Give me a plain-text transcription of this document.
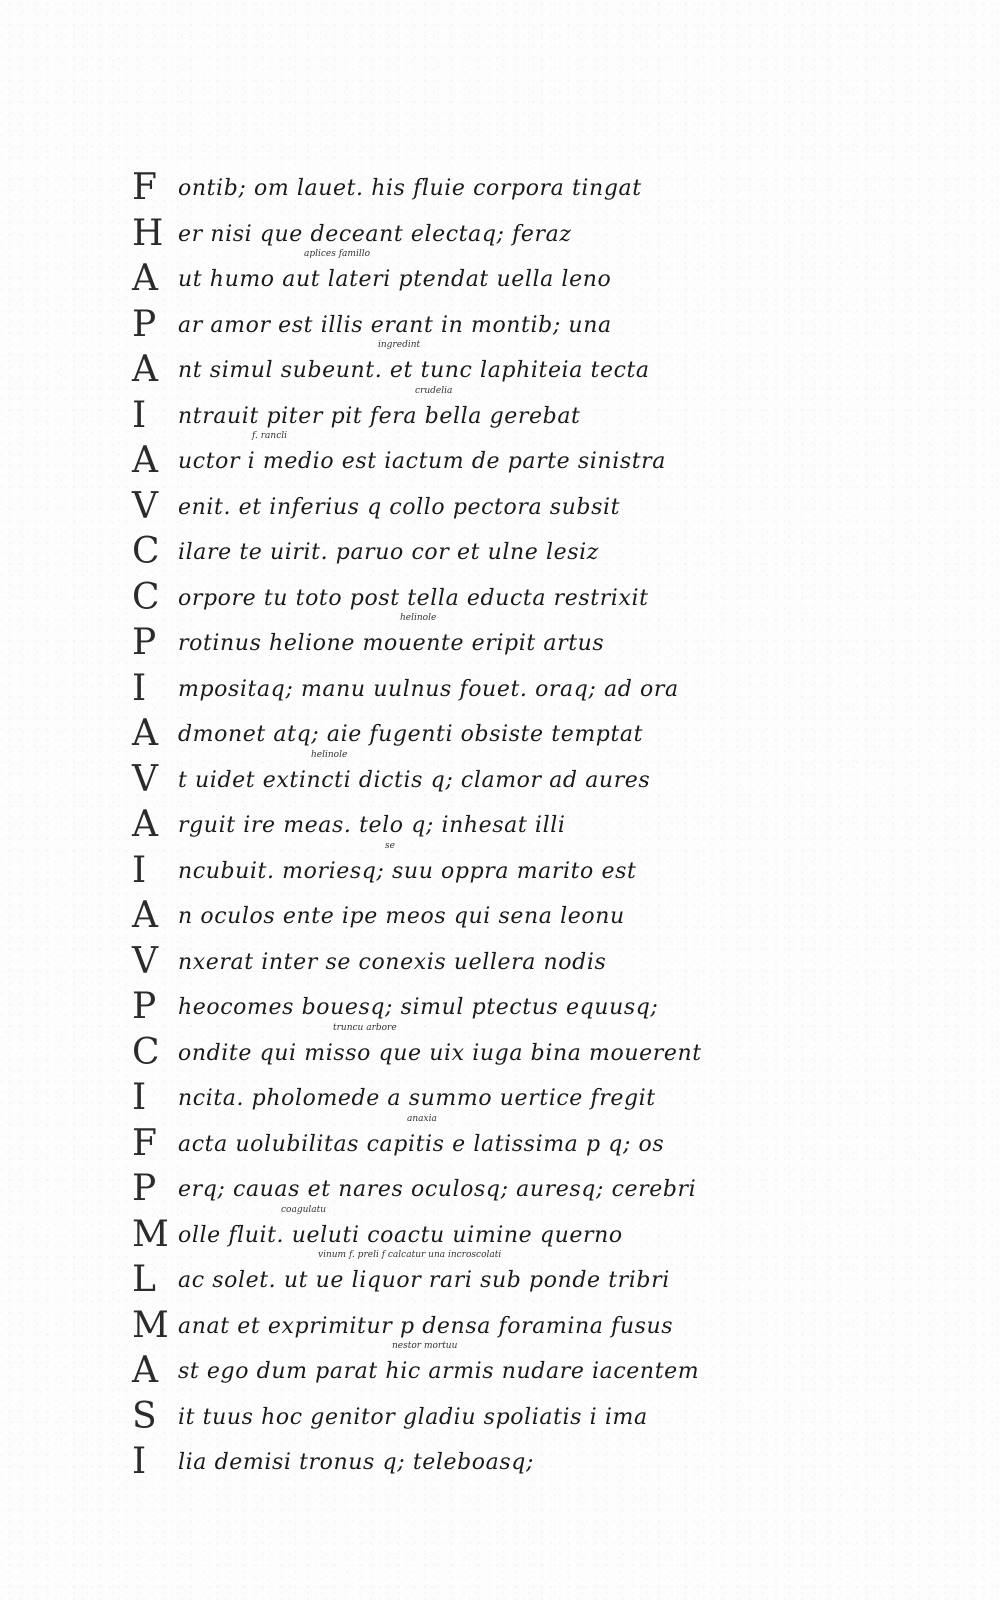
F ontib; om lauet. his fluie corpora tingat
H er nisi que deceant electaq; feraz
A ut humo aut lateri ptendat uella leno
aplices famillo
P ar amor est illis erant in montib; una
A nt simul subeunt. et tunc laphiteia tecta
ingredint
I	ntrauit piter pit fera bella gerebat
crudelia
A uctor i medio est iactum de parte sinistra
f. rancli
V enit. et inferius q collo pectora subsit
C ilare te uirit. paruo cor et ulne lesiz
C orpore tu toto post tella educta restrixit
P rotinus helione mouente eripit artus
helinole
I	mpositaq; manu uulnus fouet. oraq; ad ora
A dmonet atq; aie fugenti obsiste temptat
V t uidet extincti dictis q; clamor ad aures
helinole
A rguit ire meas. telo q; inhesat illi
I	ncubuit. moriesq; suu oppra marito est
se
A n oculos ente ipe meos qui sena leonu
V nxerat inter se conexis uellera nodis
P heocomes bouesq; simul ptectus equusq;
C ondite qui misso que uix iuga bina mouerent
truncu arbore
I	ncita. pholomede a summo uertice fregit
F acta uolubilitas capitis e latissima p q; os
anaxia
P erq; cauas et nares oculosq; auresq; cerebri
M olle fluit. ueluti coactu uimine querno
coagulatu
L	ac solet. ut ue liquor rari sub ponde tribri
vinum f. preli f calcatur una incroscolati
M anat et exprimitur p densa foramina fusus
A st ego dum parat hic armis nudare iacentem
nestor mortuu
S it tuus hoc genitor gladiu spoliatis i ima
I	lia demisi tronus q; teleboasq;
